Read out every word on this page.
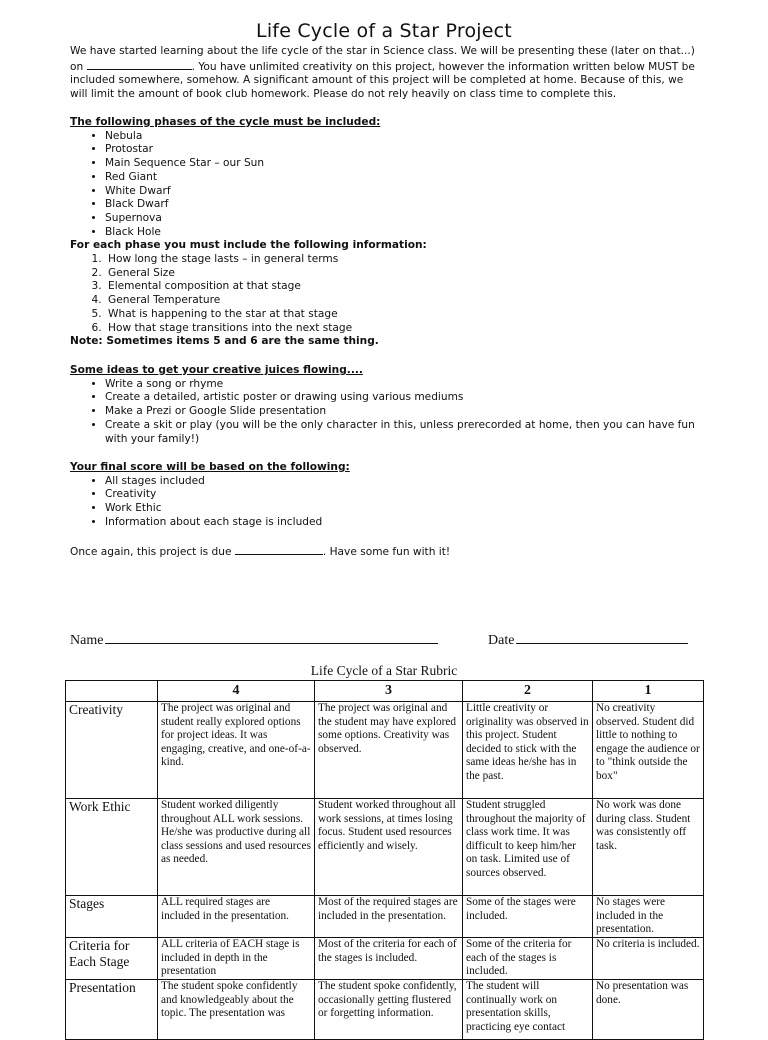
Life Cycle of a Star Project
We have started learning about the life cycle of the star in Science class. We will be presenting these (later on that...) on	. You have unlimited creativity on this project, however the information written below MUST be included somewhere, somehow. A significant amount of this project will be completed at home. Because of this, we will limit the amount of book club homework. Please do not rely heavily on class time to complete this.
The following phases of the cycle must be included:
• Nebula
• Protostar
• Main Sequence Star – our Sun
• Red Giant
• White Dwarf
• Black Dwarf
• Supernova
• Black Hole
For each phase you must include the following information:
1. How long the stage lasts – in general terms
2. General Size
3. Elemental composition at that stage
4. General Temperature
5. What is happening to the star at that stage
6. How that stage transitions into the next stage
Note: Sometimes items 5 and 6 are the same thing.
Some ideas to get your creative juices flowing....
• Write a song or rhyme
• Create a detailed, artistic poster or drawing using various mediums
• Make a Prezi or Google Slide presentation
• Create a skit or play (you will be the only character in this, unless prerecorded at home, then you can have fun with your family!)
Your final score will be based on the following:
• All stages included
• Creativity
• Work Ethic
• Information about each stage is included
Once again, this project is due	. Have some fun with it!
Name	Date
Life Cycle of a Star Rubric
	4	3	2	1
Creativity	The project was original and student really explored options for project ideas. It was engaging, creative, and one-of-a-kind.	The project was original and the student may have explored some options. Creativity was observed.	Little creativity or originality was observed in this project. Student decided to stick with the same ideas he/she has in the past.	No creativity observed. Student did little to nothing to engage the audience or to "think outside the box"
Work Ethic	Student worked diligently throughout ALL work sessions. He/she was productive during all class sessions and used resources as needed.	Student worked throughout all work sessions, at times losing focus. Student used resources efficiently and wisely.	Student struggled throughout the majority of class work time. It was difficult to keep him/her on task. Limited use of sources observed.	No work was done during class. Student was consistently off task.
Stages	ALL required stages are included in the presentation.	Most of the required stages are included in the presentation.	Some of the stages were included.	No stages were included in the presentation.
Criteria for Each Stage	ALL criteria of EACH stage is included in depth in the presentation	Most of the criteria for each of the stages is included.	Some of the criteria for each of the stages is included.	No criteria is included.
Presentation	The student spoke confidently and knowledgeably about the topic. The presentation was	The student spoke confidently, occasionally getting flustered or forgetting information.	The student will continually work on presentation skills, practicing eye contact	No presentation was done.
